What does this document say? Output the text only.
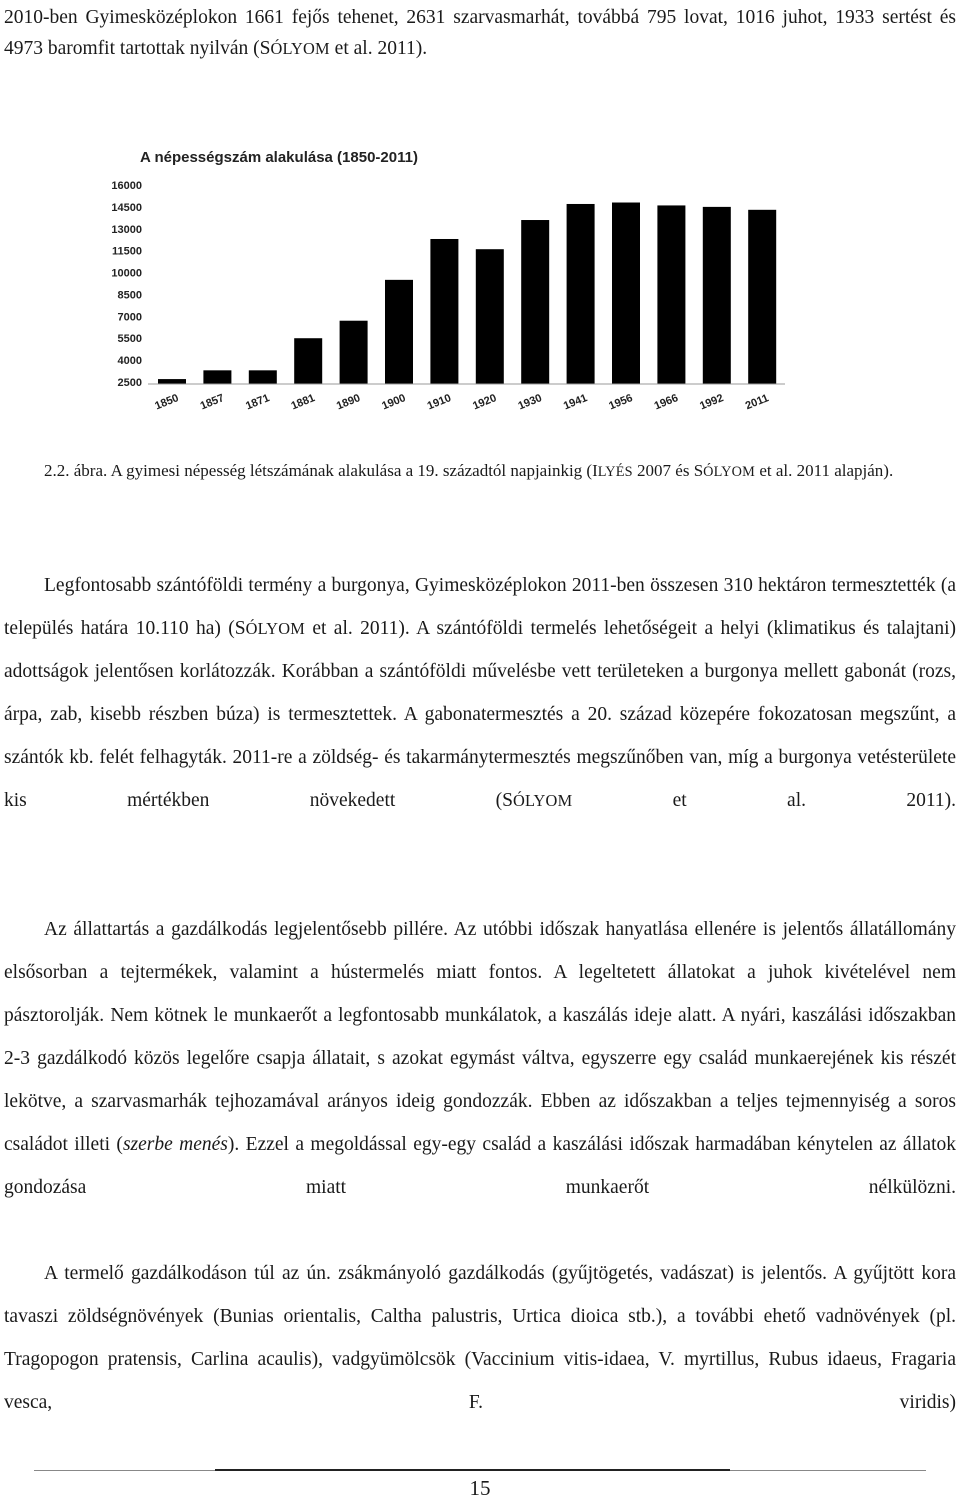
2010-ben Gyimesközéplokon 1661 fejős tehenet, 2631 szarvasmarhát, továbbá 795 lovat, 1016 juhot, 1933 sertést és 4973 baromfit tartottak nyilván (SÓLYOM et al. 2011).

A népességszám alakulása (1850-2011)
2500
4000
5500
7000
8500
10000
11500
13000
14500
16000
1850 1857 1871 1881 1890 1900 1910 1920 1930 1941 1956 1966 1992 2011

2.2. ábra. A gyimesi népesség létszámának alakulása a 19. századtól napjainkig (ILYÉS 2007 és SÓLYOM et al. 2011 alapján).

Legfontosabb szántóföldi termény a burgonya, Gyimesközéplokon 2011-ben összesen 310 hektáron termesztették (a település határa 10.110 ha) (SÓLYOM et al. 2011). A szántóföldi termelés lehetőségeit a helyi (klimatikus és talajtani) adottságok jelentősen korlátozzák. Korábban a szántóföldi művelésbe vett területeken a burgonya mellett gabonát (rozs, árpa, zab, kisebb részben búza) is termesztettek. A gabonatermesztés a 20. század közepére fokozatosan megszűnt, a szántók kb. felét felhagyták. 2011-re a zöldség- és takarmánytermesztés megszűnőben van, míg a burgonya vetésterülete kis mértékben növekedett (SÓLYOM et al. 2011).

Az állattartás a gazdálkodás legjelentősebb pillére. Az utóbbi időszak hanyatlása ellenére is jelentős állatállomány elsősorban a tejtermékek, valamint a hústermelés miatt fontos. A legeltetett állatokat a juhok kivételével nem pásztorolják. Nem kötnek le munkaerőt a legfontosabb munkálatok, a kaszálás ideje alatt. A nyári, kaszálási időszakban 2-3 gazdálkodó közös legelőre csapja állatait, s azokat egymást váltva, egyszerre egy család munkaerejének kis részét lekötve, a szarvasmarhák tejhozamával arányos ideig gondozzák. Ebben az időszakban a teljes tejmennyiség a soros családot illeti (szerbe menés). Ezzel a megoldással egy-egy család a kaszálási időszak harmadában kénytelen az állatok gondozása miatt munkaerőt nélkülözni.

A termelő gazdálkodáson túl az ún. zsákmányoló gazdálkodás (gyűjtögetés, vadászat) is jelentős. A gyűjtött kora tavaszi zöldségnövények (Bunias orientalis, Caltha palustris, Urtica dioica stb.), a további ehető vadnövények (pl. Tragopogon pratensis, Carlina acaulis), vadgyümölcsök (Vaccinium vitis-idaea, V. myrtillus, Rubus idaeus, Fragaria vesca, F. viridis)

15
